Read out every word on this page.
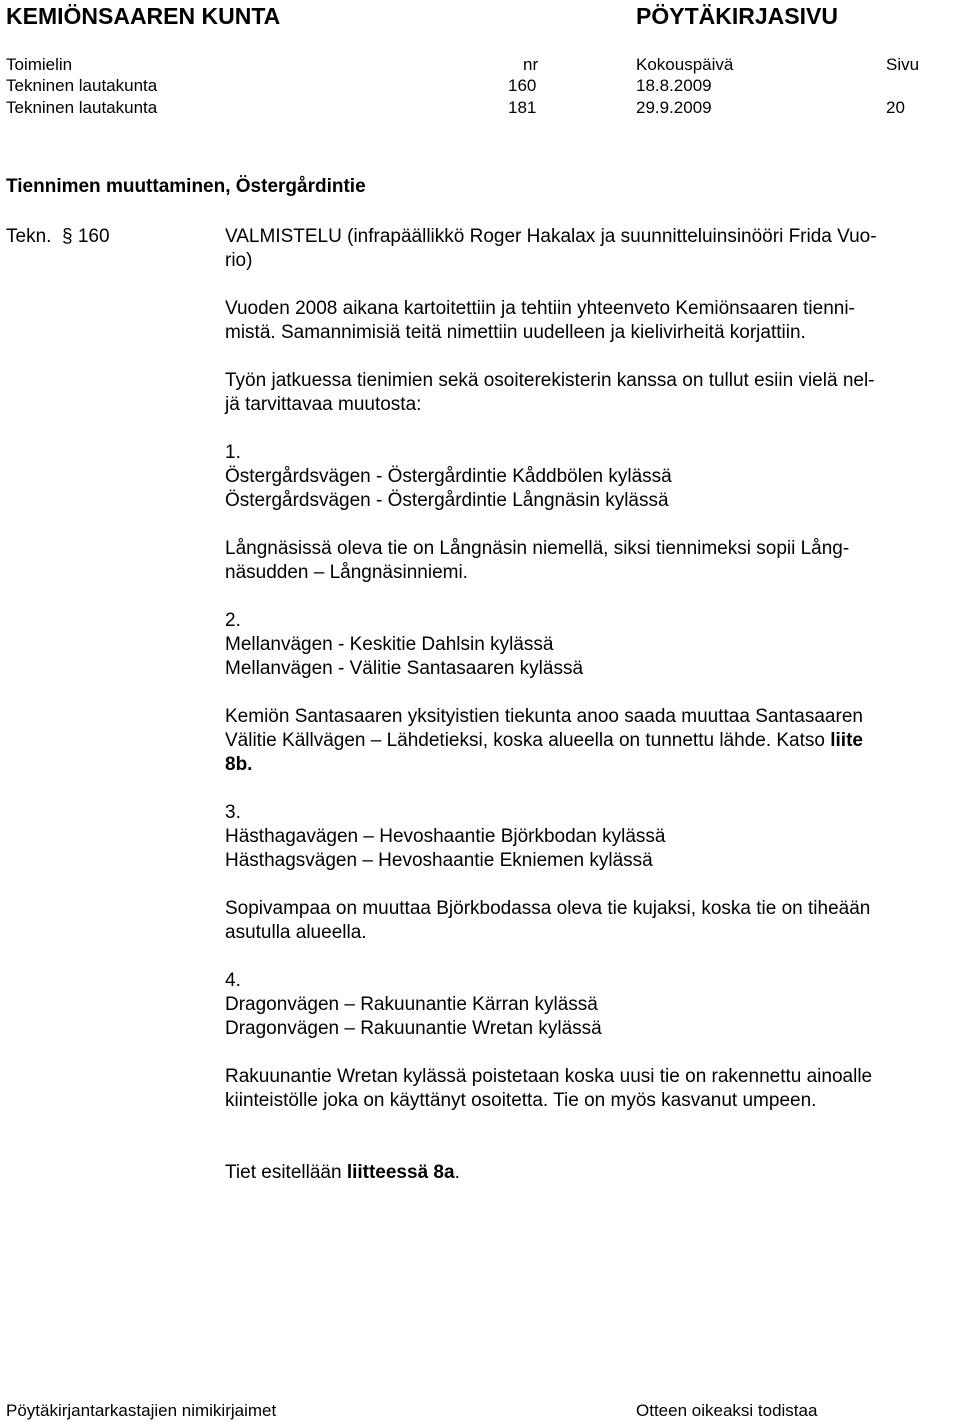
KEMIÖNSAAREN KUNTA	PÖYTÄKIRJASIVU
Toimielin	nr	Kokouspäivä	Sivu
Tekninen lautakunta	160	18.8.2009
Tekninen lautakunta	181	29.9.2009	20
Tiennimen muuttaminen, Östergårdintie
Tekn. § 160	VALMISTELU (infrapäällikkö Roger Hakalax ja suunnitteluinsinööri Frida Vuo-

rio)

Vuoden 2008 aikana kartoitettiin ja tehtiin yhteenveto Kemiönsaaren tienni-

mistä. Samannimisiä teitä nimettiin uudelleen ja kielivirheitä korjattiin.

Työn jatkuessa tienimien sekä osoiterekisterin kanssa on tullut esiin vielä nel-

jä tarvittavaa muutosta:

1.

Östergårdsvägen - Östergårdintie Kåddbölen kylässä

Östergårdsvägen - Östergårdintie Långnäsin kylässä

Långnäsissä oleva tie on Långnäsin niemellä, siksi tiennimeksi sopii Lång-

näsudden – Långnäsinniemi.

2.

Mellanvägen - Keskitie Dahlsin kylässä

Mellanvägen - Välitie Santasaaren kylässä

Kemiön Santasaaren yksityistien tiekunta anoo saada muuttaa Santasaaren

Välitie Källvägen – Lähdetieksi, koska alueella on tunnettu lähde. Katso liite

8b.

3.

Hästhagavägen – Hevoshaantie Björkbodan kylässä

Hästhagsvägen – Hevoshaantie Ekniemen kylässä

Sopivampaa on muuttaa Björkbodassa oleva tie kujaksi, koska tie on tiheään

asutulla alueella.

4.

Dragonvägen – Rakuunantie Kärran kylässä

Dragonvägen – Rakuunantie Wretan kylässä

Rakuunantie Wretan kylässä poistetaan koska uusi tie on rakennettu ainoalle

kiinteistölle joka on käyttänyt osoitetta. Tie on myös kasvanut umpeen.

Tiet esitellään liitteessä 8a.

Pöytäkirjantarkastajien nimikirjaimet	Otteen oikeaksi todistaa
